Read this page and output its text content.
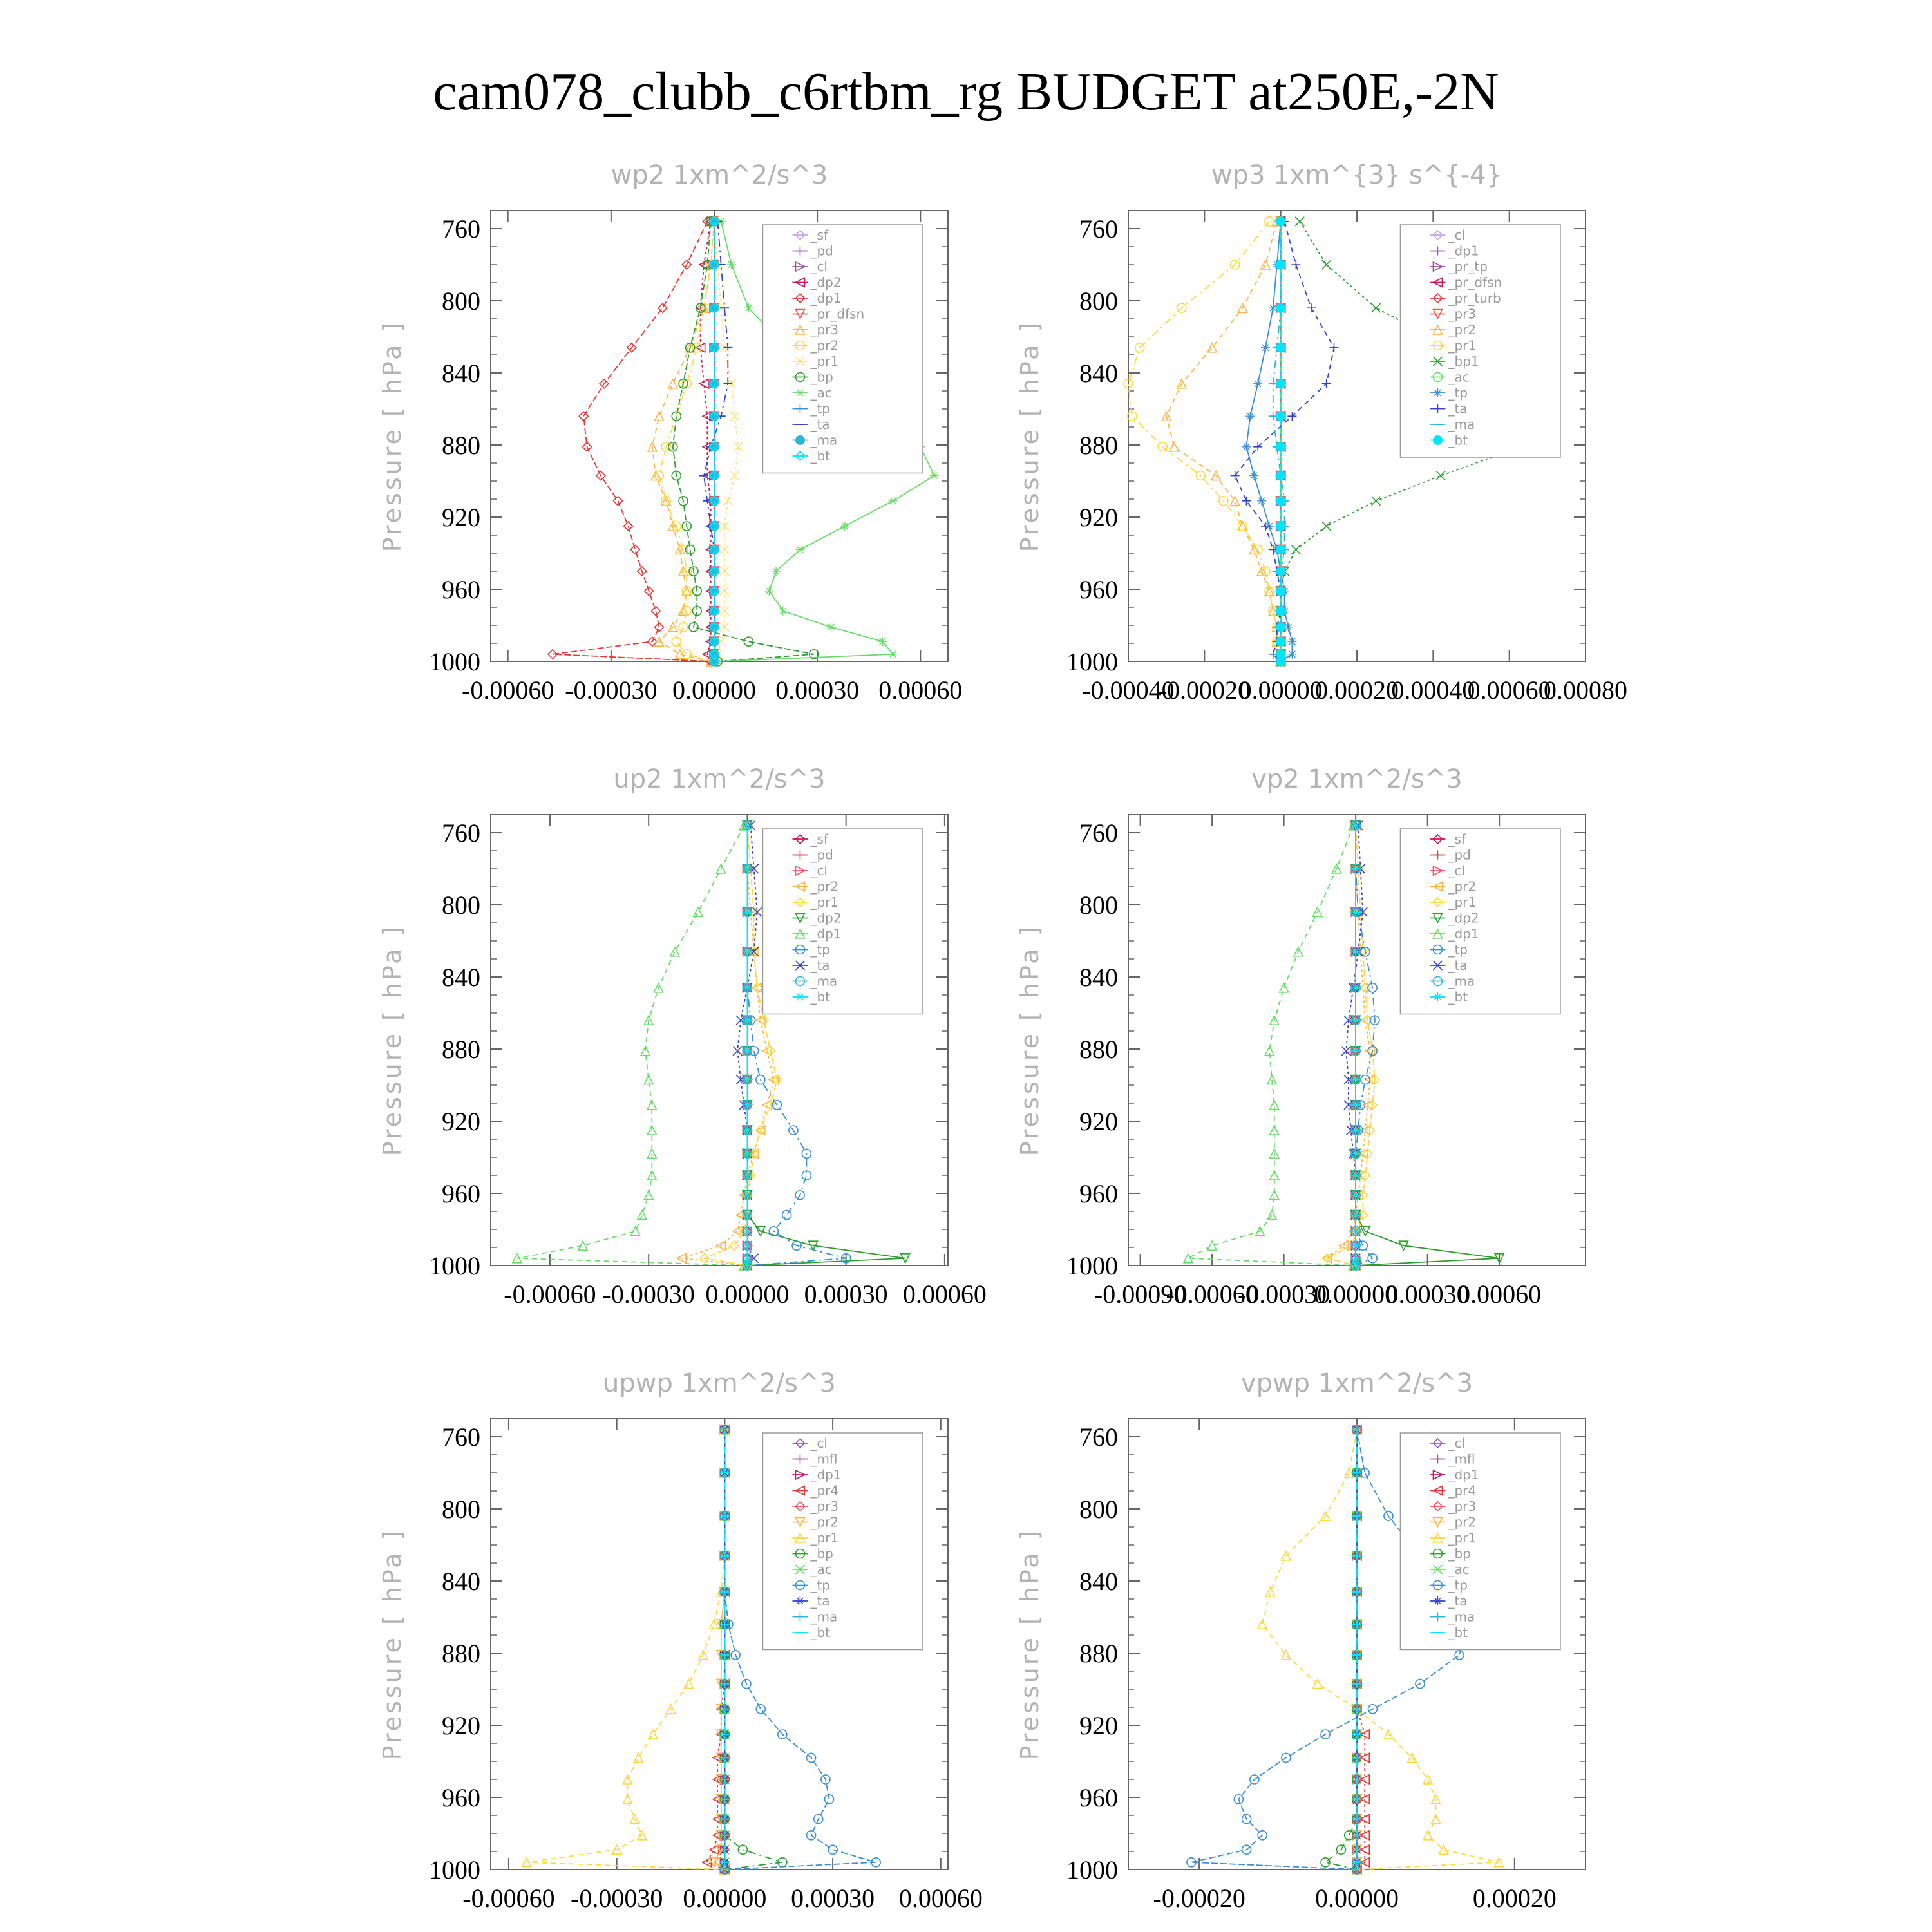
cam078_clubb_c6rtbm_rg BUDGET at250E,-2N
wp2 1xm^2/s^3
Pressure [ hPa ]
760
800
840
880
920
960
1000
-0.00060 -0.00030 0.00000 0.00030 0.00060
_sf
_pd
_cl
_dp2
_dp1
_pr_dfsn
_pr3
_pr2
_pr1
_bp
_ac
_tp
_ta
_ma
_bt
wp3 1xm^{3} s^{-4}
Pressure [ hPa ]
760
800
840
880
920
960
1000
-0.00040
-0.00020
0.00000
0.00020
0.00040
0.00060
0.00080
_cl
_dp1
_pr_tp
_pr_dfsn
_pr_turb
_pr3
_pr2
_pr1
_bp1
_ac
_tp
_ta
_ma
_bt
up2 1xm^2/s^3
Pressure [ hPa ]
760
800
840
880
920
960
1000
-0.00060 -0.00030 0.00000 0.00030 0.00060
_sf
_pd
_cl
_pr2
_pr1
_dp2
_dp1
_tp
_ta
_ma
_bt
vp2 1xm^2/s^3
Pressure [ hPa ]
760
800
840
880
920
960
1000
-0.00090
-0.00060
-0.00030
0.00000
0.00030
0.00060
_sf
_pd
_cl
_pr2
_pr1
_dp2
_dp1
_tp
_ta
_ma
_bt
upwp 1xm^2/s^3
Pressure [ hPa ]
760
800
840
880
920
960
1000
-0.00060 -0.00030 0.00000 0.00030 0.00060
_cl
_mfl
_dp1
_pr4
_pr3
_pr2
_pr1
_bp
_ac
_tp
_ta
_ma
_bt
vpwp 1xm^2/s^3
Pressure [ hPa ]
760
800
840
880
920
960
1000
-0.00020	0.00000	0.00020
_cl
_mfl
_dp1
_pr4
_pr3
_pr2
_pr1
_bp
_ac
_tp
_ta
_ma
_bt
